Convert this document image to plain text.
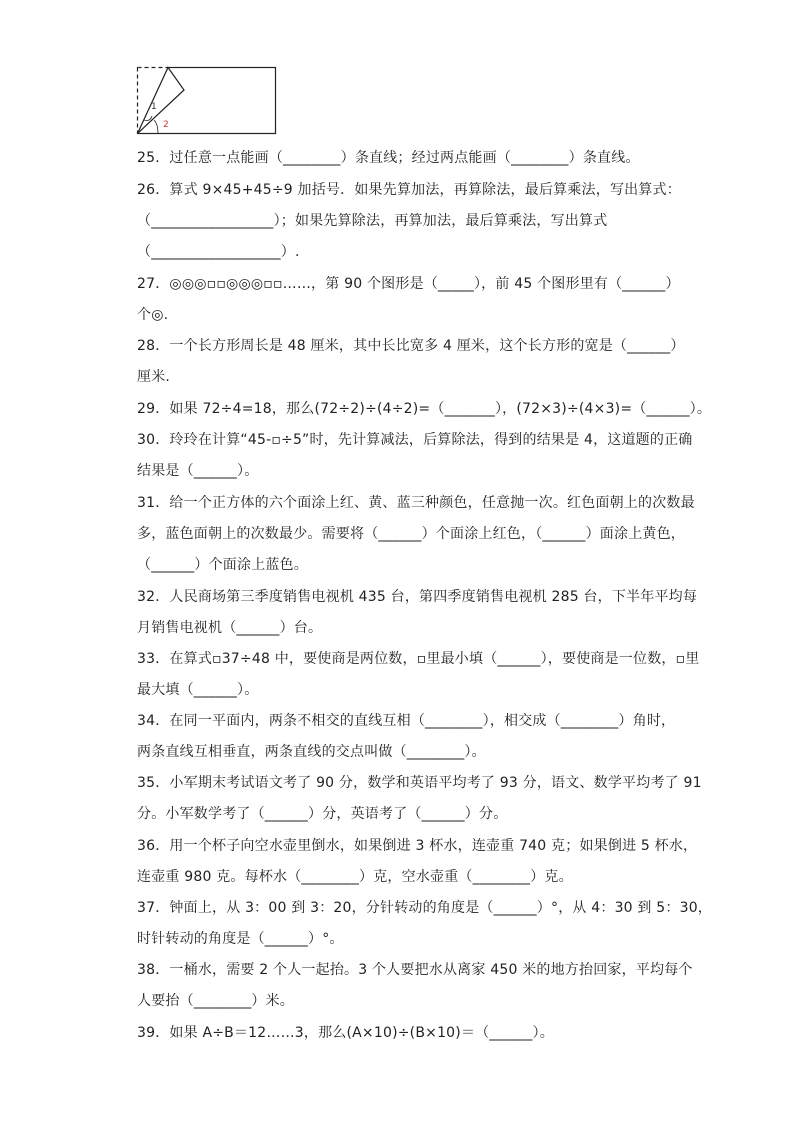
1
2
25．过任意一点能画（________）条直线；经过两点能画（________）条直线。
26．算式 9×45+45÷9 加括号．如果先算加法，再算除法，最后算乘法，写出算式：
（_________________）；如果先算除法，再算加法，最后算乘法，写出算式
（__________________）.
27．◎◎◎▫▫◎◎◎▫▫……，第 90 个图形是（_____），前 45 个图形里有（______）
个◎.
28．一个长方形周长是 48 厘米，其中长比宽多 4 厘米，这个长方形的宽是（______）
厘米.
29．如果 72÷4=18，那么(72÷2)÷(4÷2)=（_______），(72×3)÷(4×3)=（______）。
30．玲玲在计算“45-▫÷5”时，先计算减法，后算除法，得到的结果是 4，这道题的正确
结果是（______）。
31．给一个正方体的六个面涂上红、黄、蓝三种颜色，任意抛一次。红色面朝上的次数最
多，蓝色面朝上的次数最少。需要将（______）个面涂上红色，（______）面涂上黄色，
（______）个面涂上蓝色。
32．人民商场第三季度销售电视机 435 台，第四季度销售电视机 285 台，下半年平均每
月销售电视机（______）台。
33．在算式▫37÷48 中，要使商是两位数，▫里最小填（______），要使商是一位数，▫里
最大填（______）。
34．在同一平面内，两条不相交的直线互相（________），相交成（________）角时，
两条直线互相垂直，两条直线的交点叫做（________）。
35．小军期末考试语文考了 90 分，数学和英语平均考了 93 分，语文、数学平均考了 91
分。小军数学考了（______）分，英语考了（______）分。
36．用一个杯子向空水壶里倒水，如果倒进 3 杯水，连壶重 740 克；如果倒进 5 杯水，
连壶重 980 克。每杯水（________）克，空水壶重（________）克。
37．钟面上，从 3：00 到 3：20，分针转动的角度是（______）°，从 4：30 到 5：30，
时针转动的角度是（______）°。
38．一桶水，需要 2 个人一起抬。3 个人要把水从离家 450 米的地方抬回家，平均每个
人要抬（________）米。
39．如果 A÷B＝12……3，那么(A×10)÷(B×10)＝（______）。
